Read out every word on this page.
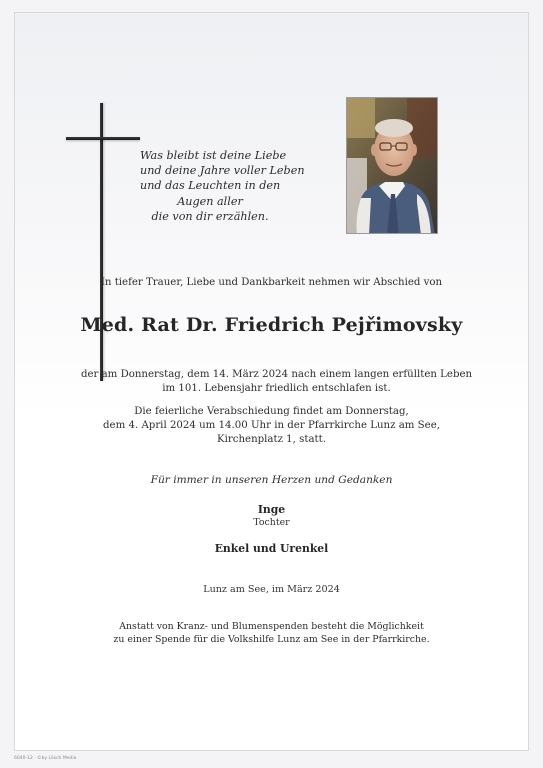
Was bleibt ist deine Liebe
und deine Jahre voller Leben
und das Leuchten in den
Augen aller
die von dir erzählen.
In tiefer Trauer, Liebe und Dankbarkeit nehmen wir Abschied von
Med. Rat Dr. Friedrich Pejřimovsky
der am Donnerstag, dem 14. März 2024 nach einem langen erfüllten Leben
im 101. Lebensjahr friedlich entschlafen ist.
Die feierliche Verabschiedung findet am Donnerstag,
dem 4. April 2024 um 14.00 Uhr in der Pfarrkirche Lunz am See,
Kirchenplatz 1, statt.
Für immer in unseren Herzen und Gedanken
Inge
Tochter
Enkel und Urenkel
Lunz am See, im März 2024
Anstatt von Kranz- und Blumenspenden besteht die Möglichkeit
zu einer Spende für die Volkshilfe Lunz am See in der Pfarrkirche.
6040-12 · ©by Lösch Media
